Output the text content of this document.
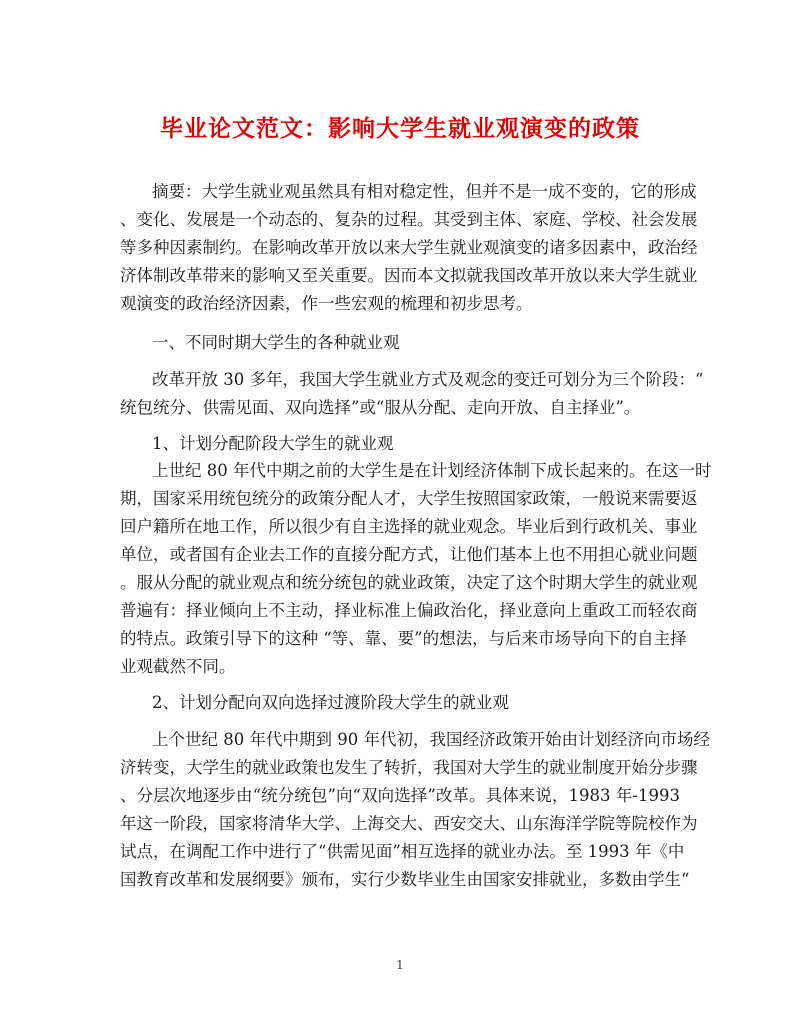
毕业论文范文：影响大学生就业观演变的政策
摘要：大学生就业观虽然具有相对稳定性，但并不是一成不变的，它的形成
、变化、发展是一个动态的、复杂的过程。其受到主体、家庭、学校、社会发展
等多种因素制约。在影响改革开放以来大学生就业观演变的诸多因素中，政治经
济体制改革带来的影响又至关重要。因而本文拟就我国改革开放以来大学生就业
观演变的政治经济因素，作一些宏观的梳理和初步思考。
一、不同时期大学生的各种就业观
改革开放 30 多年，我国大学生就业方式及观念的变迁可划分为三个阶段：“
统包统分、供需见面、双向选择”或“服从分配、走向开放、自主择业”。
1、计划分配阶段大学生的就业观
上世纪 80 年代中期之前的大学生是在计划经济体制下成长起来的。在这一时
期，国家采用统包统分的政策分配人才，大学生按照国家政策，一般说来需要返
回户籍所在地工作，所以很少有自主选择的就业观念。毕业后到行政机关、事业
单位，或者国有企业去工作的直接分配方式，让他们基本上也不用担心就业问题
。服从分配的就业观点和统分统包的就业政策，决定了这个时期大学生的就业观
普遍有：择业倾向上不主动，择业标准上偏政治化，择业意向上重政工而轻农商
的特点。政策引导下的这种 “等、靠、要”的想法，与后来市场导向下的自主择
业观截然不同。
2、计划分配向双向选择过渡阶段大学生的就业观
上个世纪 80 年代中期到 90 年代初，我国经济政策开始由计划经济向市场经
济转变，大学生的就业政策也发生了转折，我国对大学生的就业制度开始分步骤
、分层次地逐步由“统分统包”向“双向选择”改革。具体来说，1983 年-1993
年这一阶段，国家将清华大学、上海交大、西安交大、山东海洋学院等院校作为
试点，在调配工作中进行了“供需见面”相互选择的就业办法。至 1993 年《中
国教育改革和发展纲要》颁布，实行少数毕业生由国家安排就业，多数由学生“
1
